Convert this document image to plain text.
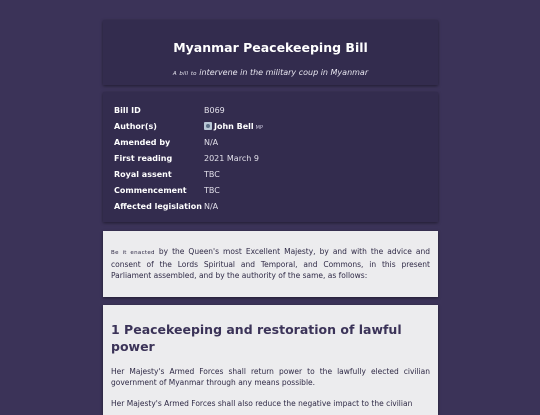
Myanmar Peacekeeping Bill
A bill to intervene in the military coup in Myanmar
Bill ID	B069
Author(s)	John Bell MP
Amended by	N/A
First reading	2021 March 9
Royal assent	TBC
Commencement	TBC
Affected legislation N/A
Be it enacted by the Queen's most Excellent Majesty, by and with the advice and consent of the Lords Spiritual and Temporal, and Commons, in this present Parliament assembled, and by the authority of the same, as follows:
1 Peacekeeping and restoration of lawful power
Her Majesty's Armed Forces shall return power to the lawfully elected civilian government of Myanmar through any means possible.
Her Majesty's Armed Forces shall also reduce the negative impact to the civilian
